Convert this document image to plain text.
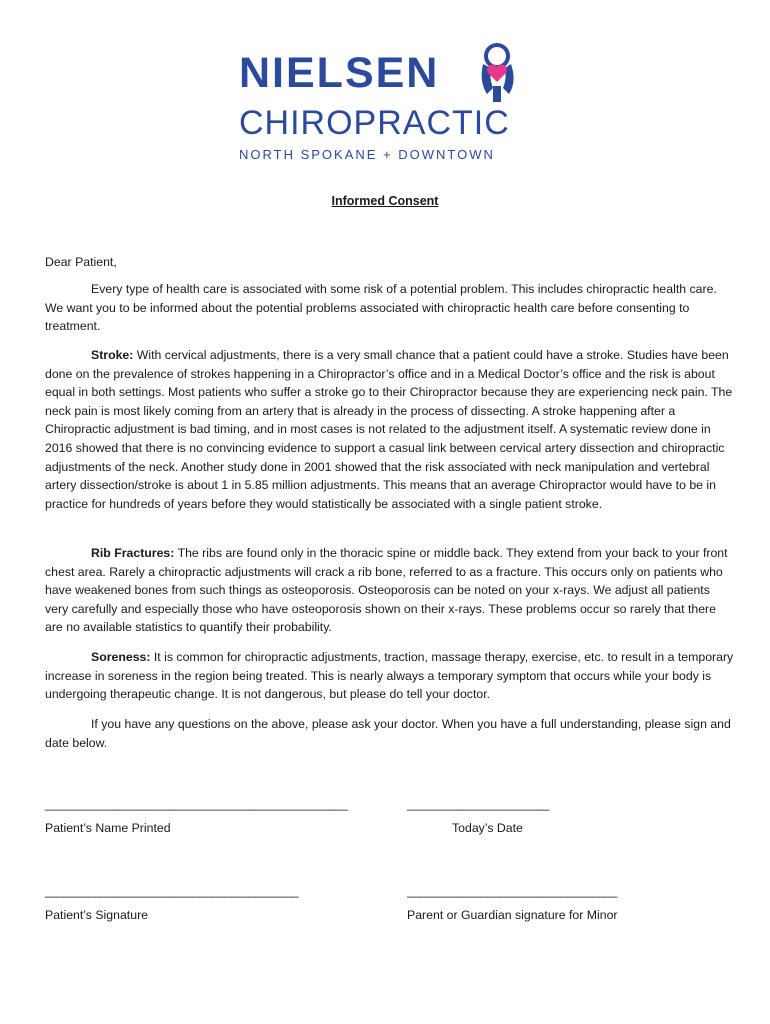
NIELSEN
CHIROPRACTIC
NORTH SPOKANE + DOWNTOWN
Informed Consent
Dear Patient,

Every type of health care is associated with some risk of a potential problem. This includes chiropractic health care. We want you to be informed about the potential problems associated with chiropractic health care before consenting to treatment.

Stroke: With cervical adjustments, there is a very small chance that a patient could have a stroke. Studies have been done on the prevalence of strokes happening in a Chiropractor’s office and in a Medical Doctor’s office and the risk is about equal in both settings. Most patients who suffer a stroke go to their Chiropractor because they are experiencing neck pain. The neck pain is most likely coming from an artery that is already in the process of dissecting. A stroke happening after a Chiropractic adjustment is bad timing, and in most cases is not related to the adjustment itself. A systematic review done in 2016 showed that there is no convincing evidence to support a casual link between cervical artery dissection and chiropractic adjustments of the neck. Another study done in 2001 showed that the risk associated with neck manipulation and vertebral artery dissection/stroke is about 1 in 5.85 million adjustments. This means that an average Chiropractor would have to be in practice for hundreds of years before they would statistically be associated with a single patient stroke.

Rib Fractures: The ribs are found only in the thoracic spine or middle back. They extend from your back to your front chest area. Rarely a chiropractic adjustments will crack a rib bone, referred to as a fracture. This occurs only on patients who have weakened bones from such things as osteoporosis. Osteoporosis can be noted on your x-rays. We adjust all patients very carefully and especially those who have osteoporosis shown on their x-rays. These problems occur so rarely that there are no available statistics to quantify their probability.

Soreness: It is common for chiropractic adjustments, traction, massage therapy, exercise, etc. to result in a temporary increase in soreness in the region being treated. This is nearly always a temporary symptom that occurs while your body is undergoing therapeutic change. It is not dangerous, but please do tell your doctor.

If you have any questions on the above, please ask your doctor. When you have a full understanding, please sign and date below.

_________________________________________________	_______________________
Patient’s Name Printed	Today’s Date
_________________________________________	__________________________________
Patient’s Signature	Parent or Guardian signature for Minor
